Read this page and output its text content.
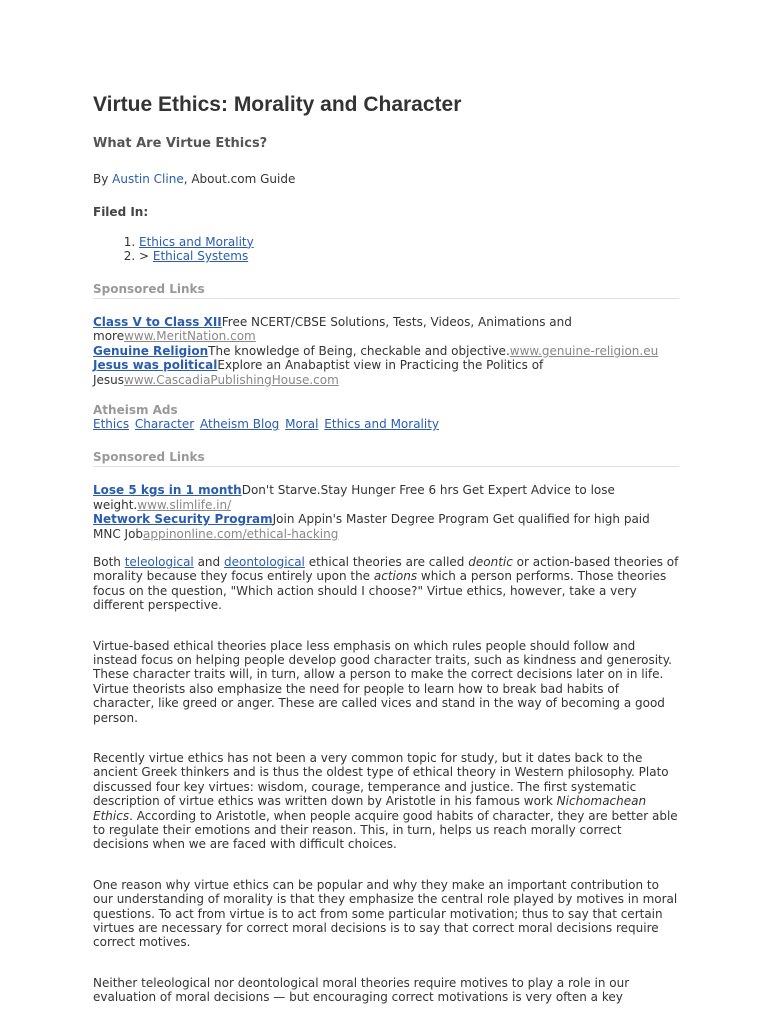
Virtue Ethics: Morality and Character
What Are Virtue Ethics?
By Austin Cline, About.com Guide
Filed In:
1. Ethics and Morality
2. > Ethical Systems
Sponsored Links
Class V to Class XIIFree NCERT/CBSE Solutions, Tests, Videos, Animations and morewww.MeritNation.com
Genuine ReligionThe knowledge of Being, checkable and objective.www.genuine-religion.eu
Jesus was politicalExplore an Anabaptist view in Practicing the Politics of Jesuswww.CascadiaPublishingHouse.com
Atheism Ads
Ethics Character Atheism Blog Moral Ethics and Morality
Sponsored Links
Lose 5 kgs in 1 monthDon't Starve.Stay Hunger Free 6 hrs Get Expert Advice to lose weight.www.slimlife.in/
Network Security ProgramJoin Appin's Master Degree Program Get qualified for high paid MNC Jobappinonline.com/ethical-hacking

Both teleological and deontological ethical theories are called deontic or action-based theories of morality because they focus entirely upon the actions which a person performs. Those theories focus on the question, "Which action should I choose?" Virtue ethics, however, take a very different perspective.

Virtue-based ethical theories place less emphasis on which rules people should follow and instead focus on helping people develop good character traits, such as kindness and generosity. These character traits will, in turn, allow a person to make the correct decisions later on in life. Virtue theorists also emphasize the need for people to learn how to break bad habits of character, like greed or anger. These are called vices and stand in the way of becoming a good person.

Recently virtue ethics has not been a very common topic for study, but it dates back to the ancient Greek thinkers and is thus the oldest type of ethical theory in Western philosophy. Plato discussed four key virtues: wisdom, courage, temperance and justice. The first systematic description of virtue ethics was written down by Aristotle in his famous work Nichomachean Ethics. According to Aristotle, when people acquire good habits of character, they are better able to regulate their emotions and their reason. This, in turn, helps us reach morally correct decisions when we are faced with difficult choices.

One reason why virtue ethics can be popular and why they make an important contribution to our understanding of morality is that they emphasize the central role played by motives in moral questions. To act from virtue is to act from some particular motivation; thus to say that certain virtues are necessary for correct moral decisions is to say that correct moral decisions require correct motives.

Neither teleological nor deontological moral theories require motives to play a role in our evaluation of moral decisions — but encouraging correct motivations is very often a key
